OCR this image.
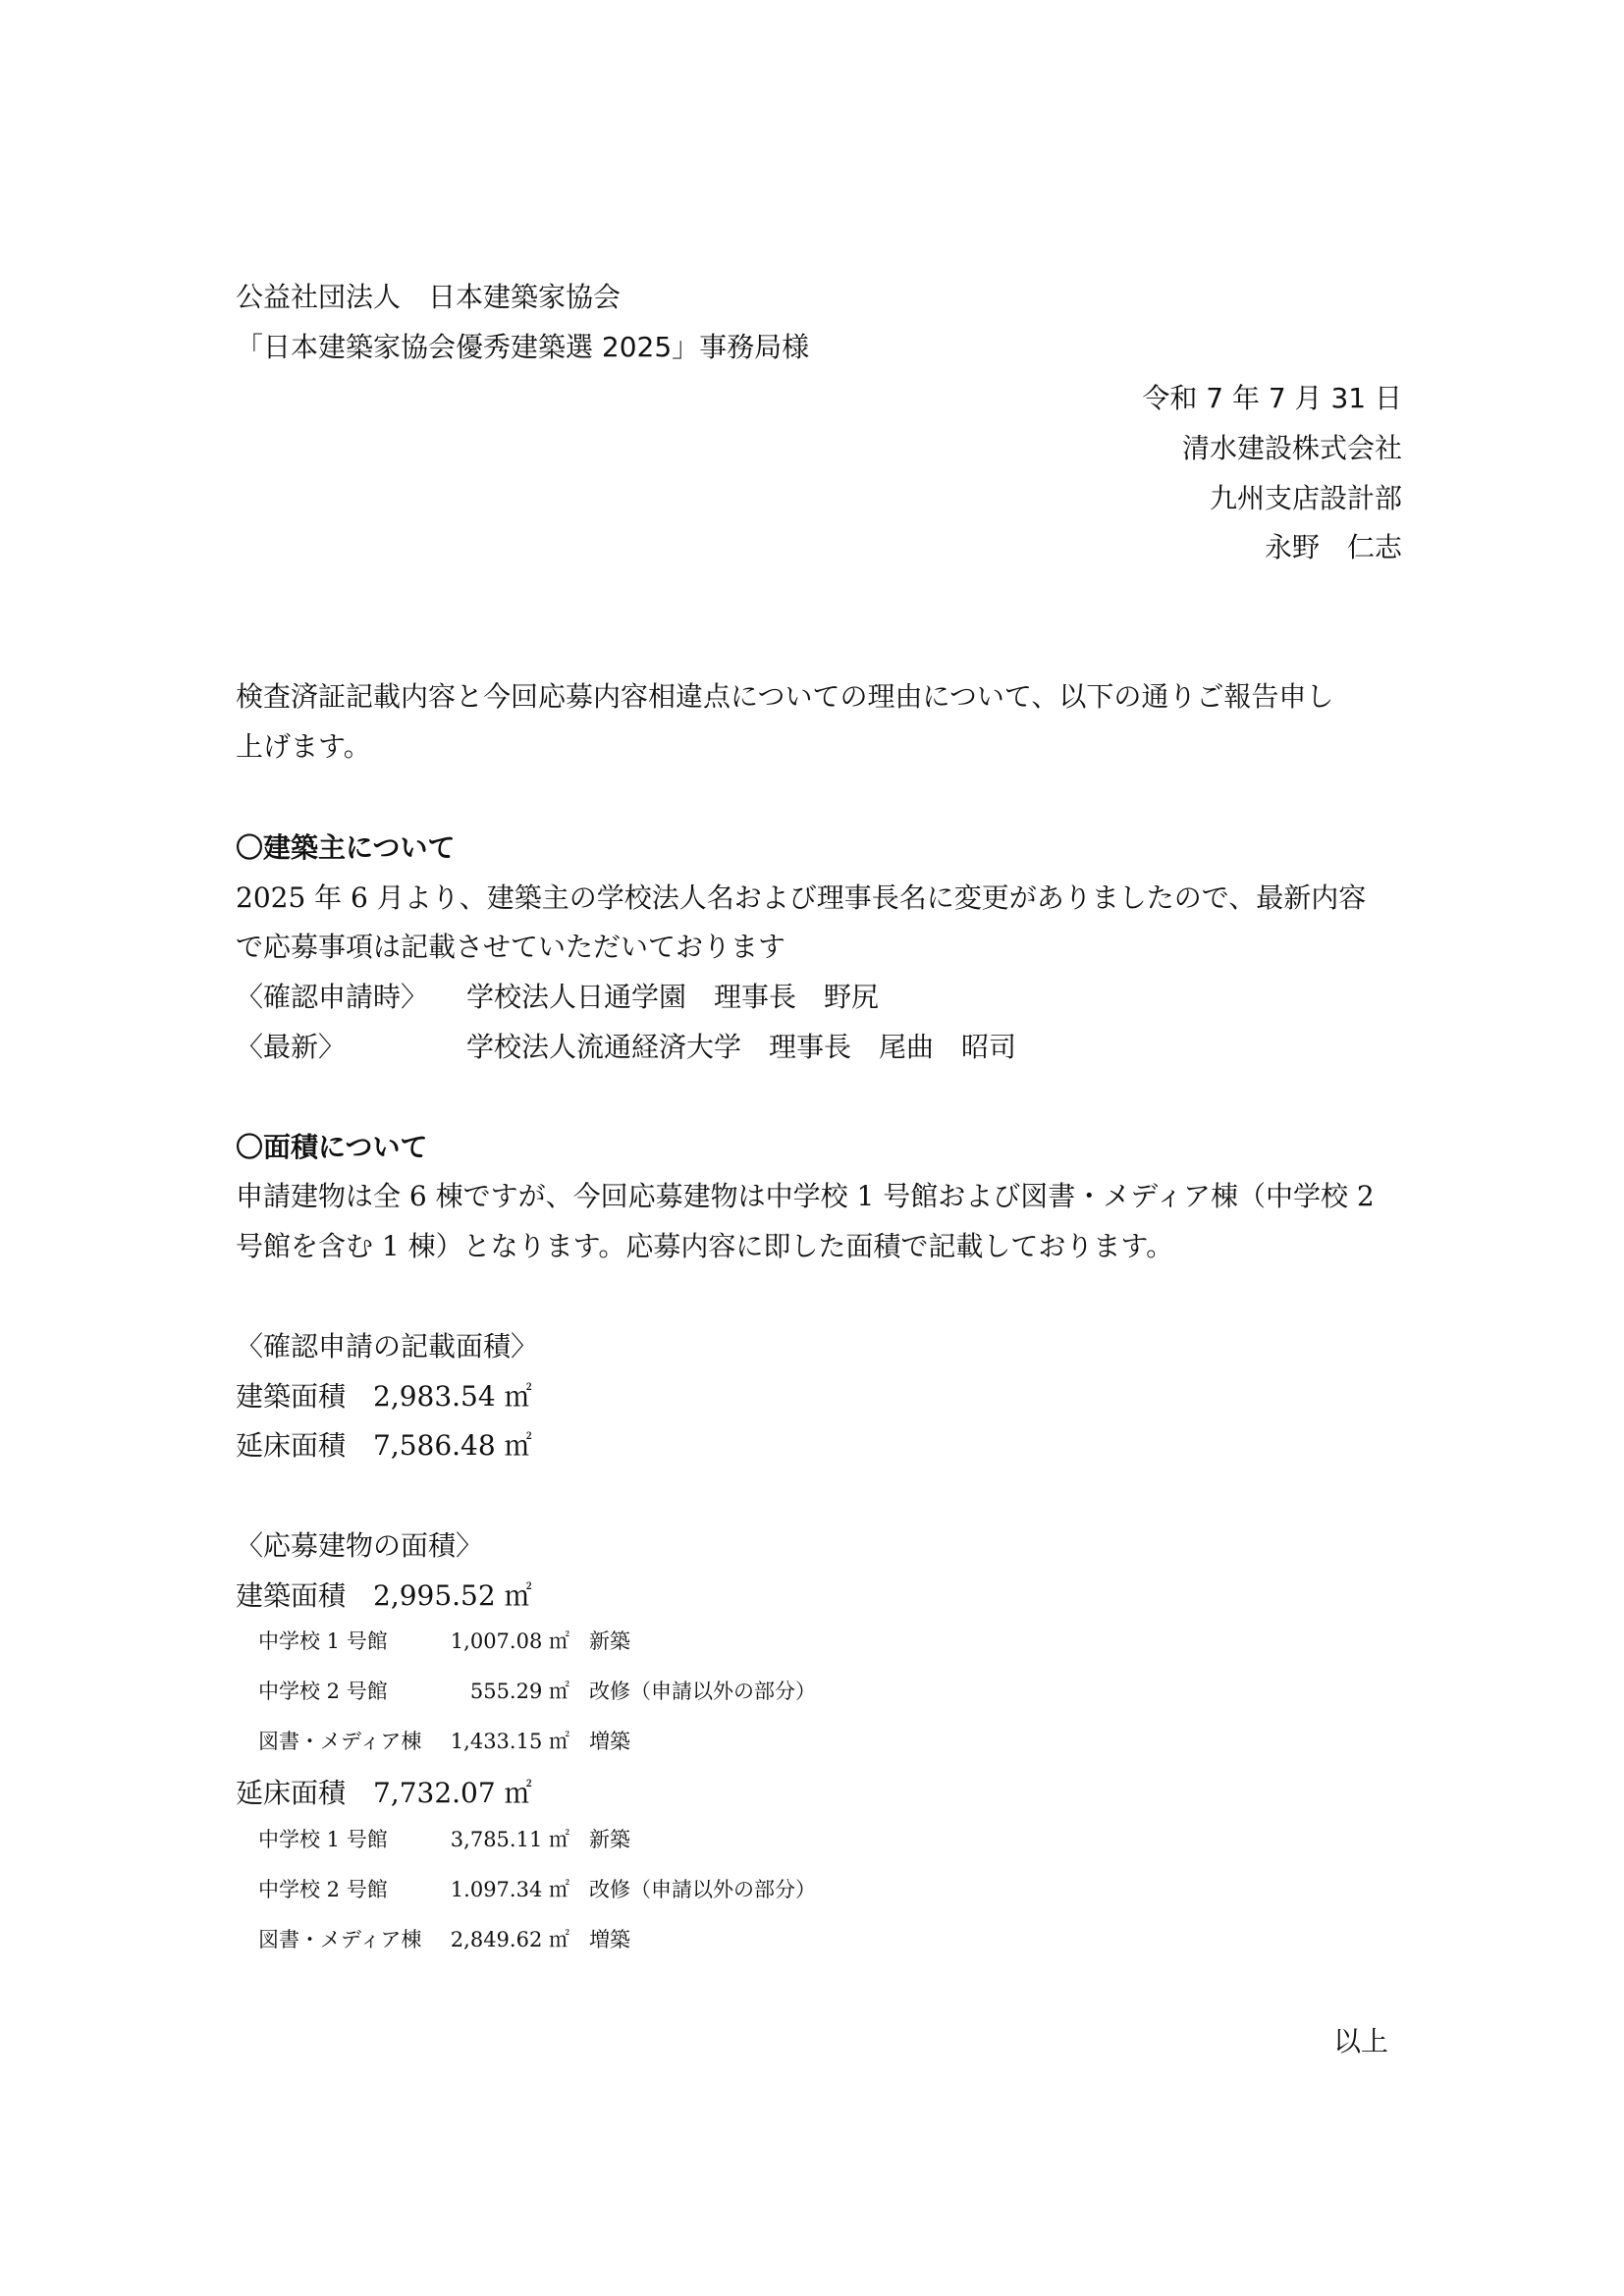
公益社団法人　日本建築家協会
「日本建築家協会優秀建築選 2025」事務局様
令和 7 年 7 月 31 日
清水建設株式会社
九州支店設計部
永野　仁志
検査済証記載内容と今回応募内容相違点についての理由について、以下の通りご報告申し
上げます。
〇建築主について
2025 年 6 月より、建築主の学校法人名および理事長名に変更がありましたので、最新内容
で応募事項は記載させていただいております
〈確認申請時〉 学校法人日通学園　理事長　野尻
〈最新〉	学校法人流通経済大学　理事長　尾曲　昭司
〇面積について
申請建物は全 6 棟ですが、今回応募建物は中学校 1 号館および図書・メディア棟（中学校 2
号館を含む 1 棟）となります。応募内容に即した面積で記載しております。
〈確認申請の記載面積〉
建築面積　2,983.54 ㎡
延床面積　7,586.48 ㎡
〈応募建物の面積〉
建築面積　2,995.52 ㎡
中学校 1 号館	1,007.08 ㎡ 新築
中学校 2 号館	555.29 ㎡ 改修（申請以外の部分）
図書・メディア棟	1,433.15 ㎡ 増築
延床面積　7,732.07 ㎡
中学校 1 号館	3,785.11 ㎡ 新築
中学校 2 号館	1.097.34 ㎡ 改修（申請以外の部分）
図書・メディア棟	2,849.62 ㎡ 増築
以上
